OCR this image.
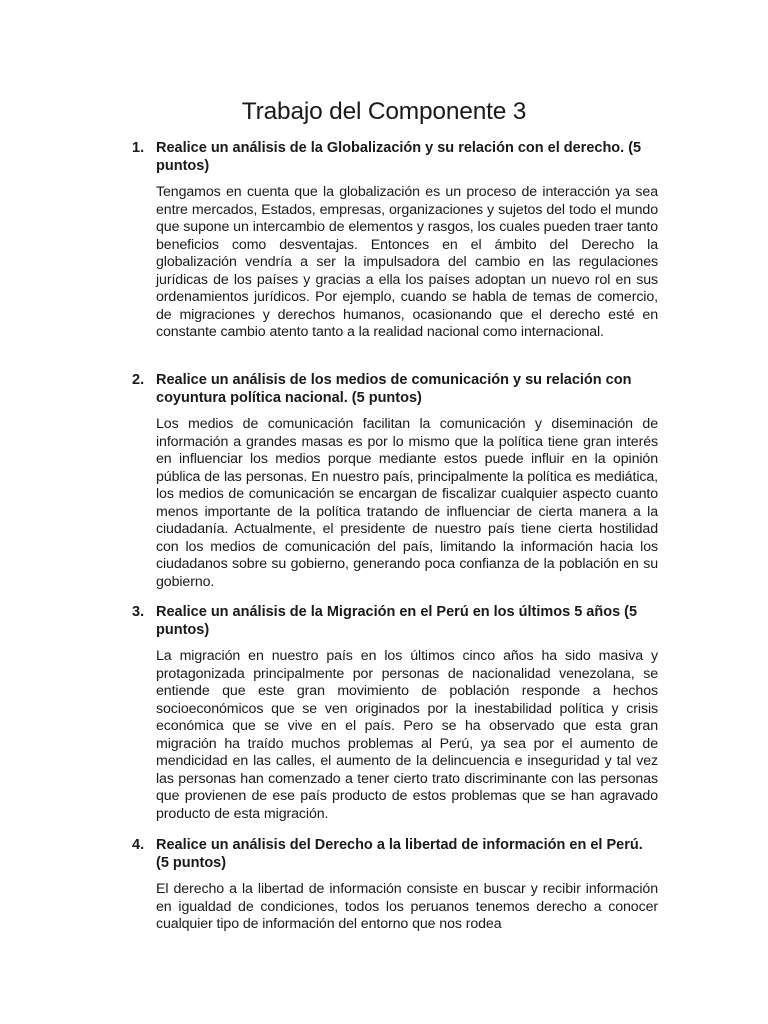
Trabajo del Componente 3
1. Realice un análisis de la Globalización y su relación con el derecho. (5 puntos)
Tengamos en cuenta que la globalización es un proceso de interacción ya sea entre mercados, Estados, empresas, organizaciones y sujetos del todo el mundo que supone un intercambio de elementos y rasgos, los cuales pueden traer tanto beneficios como desventajas. Entonces en el ámbito del Derecho la globalización vendría a ser la impulsadora del cambio en las regulaciones jurídicas de los países y gracias a ella los países adoptan un nuevo rol en sus ordenamientos jurídicos. Por ejemplo, cuando se habla de temas de comercio, de migraciones y derechos humanos, ocasionando que el derecho esté en constante cambio atento tanto a la realidad nacional como internacional.
2. Realice un análisis de los medios de comunicación y su relación con coyuntura política nacional. (5 puntos)
Los medios de comunicación facilitan la comunicación y diseminación de información a grandes masas es por lo mismo que la política tiene gran interés en influenciar los medios porque mediante estos puede influir en la opinión pública de las personas. En nuestro país, principalmente la política es mediática, los medios de comunicación se encargan de fiscalizar cualquier aspecto cuanto menos importante de la política tratando de influenciar de cierta manera a la ciudadanía. Actualmente, el presidente de nuestro país tiene cierta hostilidad con los medios de comunicación del país, limitando la información hacia los ciudadanos sobre su gobierno, generando poca confianza de la población en su gobierno.
3. Realice un análisis de la Migración en el Perú en los últimos 5 años (5 puntos)
La migración en nuestro país en los últimos cinco años ha sido masiva y protagonizada principalmente por personas de nacionalidad venezolana, se entiende que este gran movimiento de población responde a hechos socioeconómicos que se ven originados por la inestabilidad política y crisis económica que se vive en el país. Pero se ha observado que esta gran migración ha traído muchos problemas al Perú, ya sea por el aumento de mendicidad en las calles, el aumento de la delincuencia e inseguridad y tal vez las personas han comenzado a tener cierto trato discriminante con las personas que provienen de ese país producto de estos problemas que se han agravado producto de esta migración.
4. Realice un análisis del Derecho a la libertad de información en el Perú. (5 puntos)
El derecho a la libertad de información consiste en buscar y recibir información en igualdad de condiciones, todos los peruanos tenemos derecho a conocer cualquier tipo de información del entorno que nos rodea
